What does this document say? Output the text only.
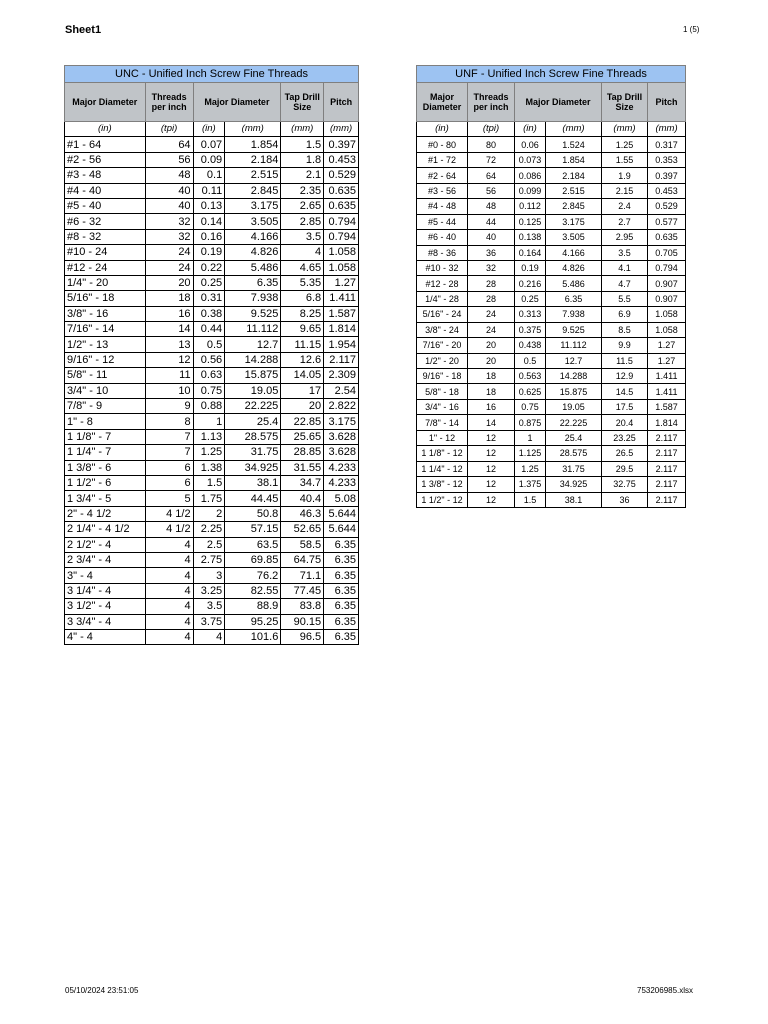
Sheet1	1 (5)
UNC - Unified Inch Screw Fine Threads					
Major Diameter	Threads per inch	Major Diameter		Tap Drill Size	Pitch
(in)	(tpi)	(in)	(mm)	(mm)	(mm)
#1 - 64	64	0.07	1.854	1.5	0.397
#2 - 56	56	0.09	2.184	1.8	0.453
#3 - 48	48	0.1	2.515	2.1	0.529
#4 - 40	40	0.11	2.845	2.35	0.635
#5 - 40	40	0.13	3.175	2.65	0.635
#6 - 32	32	0.14	3.505	2.85	0.794
#8 - 32	32	0.16	4.166	3.5	0.794
#10 - 24	24	0.19	4.826	4	1.058
#12 - 24	24	0.22	5.486	4.65	1.058
1/4" - 20	20	0.25	6.35	5.35	1.27
5/16" - 18	18	0.31	7.938	6.8	1.411
3/8" - 16	16	0.38	9.525	8.25	1.587
7/16" - 14	14	0.44	11.112	9.65	1.814
1/2" - 13	13	0.5	12.7	11.15	1.954
9/16" - 12	12	0.56	14.288	12.6	2.117
5/8" - 11	11	0.63	15.875	14.05	2.309
3/4" - 10	10	0.75	19.05	17	2.54
7/8" - 9	9	0.88	22.225	20	2.822
1" - 8	8	1	25.4	22.85	3.175
1 1/8" - 7	7	1.13	28.575	25.65	3.628
1 1/4" - 7	7	1.25	31.75	28.85	3.628
1 3/8" - 6	6	1.38	34.925	31.55	4.233
1 1/2" - 6	6	1.5	38.1	34.7	4.233
1 3/4" - 5	5	1.75	44.45	40.4	5.08
2" - 4 1/2	4 1/2	2	50.8	46.3	5.644
2 1/4" - 4 1/2	4 1/2	2.25	57.15	52.65	5.644
2 1/2" - 4	4	2.5	63.5	58.5	6.35
2 3/4" - 4	4	2.75	69.85	64.75	6.35
3" - 4	4	3	76.2	71.1	6.35
3 1/4" - 4	4	3.25	82.55	77.45	6.35
3 1/2" - 4	4	3.5	88.9	83.8	6.35
3 3/4" - 4	4	3.75	95.25	90.15	6.35
4" - 4	4	4	101.6	96.5	6.35
UNF - Unified Inch Screw Fine Threads					
Major Diameter	Threads per inch	Major Diameter		Tap Drill Size	Pitch
(in)	(tpi)	(in)	(mm)	(mm)	(mm)
#0 - 80	80	0.06	1.524	1.25	0.317
#1 - 72	72	0.073	1.854	1.55	0.353
#2 - 64	64	0.086	2.184	1.9	0.397
#3 - 56	56	0.099	2.515	2.15	0.453
#4 - 48	48	0.112	2.845	2.4	0.529
#5 - 44	44	0.125	3.175	2.7	0.577
#6 - 40	40	0.138	3.505	2.95	0.635
#8 - 36	36	0.164	4.166	3.5	0.705
#10 - 32	32	0.19	4.826	4.1	0.794
#12 - 28	28	0.216	5.486	4.7	0.907
1/4" - 28	28	0.25	6.35	5.5	0.907
5/16" - 24	24	0.313	7.938	6.9	1.058
3/8" - 24	24	0.375	9.525	8.5	1.058
7/16" - 20	20	0.438	11.112	9.9	1.27
1/2" - 20	20	0.5	12.7	11.5	1.27
9/16" - 18	18	0.563	14.288	12.9	1.411
5/8" - 18	18	0.625	15.875	14.5	1.411
3/4" - 16	16	0.75	19.05	17.5	1.587
7/8" - 14	14	0.875	22.225	20.4	1.814
1" - 12	12	1	25.4	23.25	2.117
1 1/8" - 12	12	1.125	28.575	26.5	2.117
1 1/4" - 12	12	1.25	31.75	29.5	2.117
1 3/8" - 12	12	1.375	34.925	32.75	2.117
1 1/2" - 12	12	1.5	38.1	36	2.117
05/10/2024 23:51:05	753206985.xlsx
